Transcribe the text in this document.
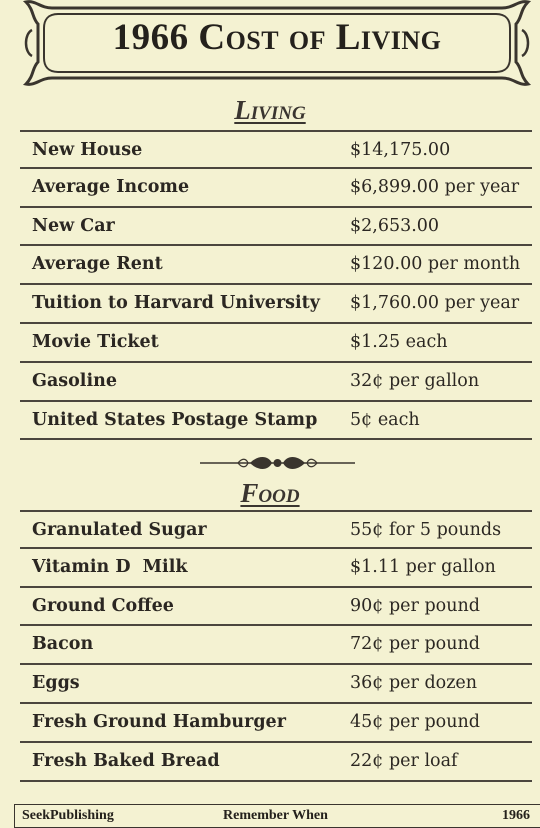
1966 Cost of Living
Living
New House	$14,175.00
Average Income	$6,899.00 per year
New Car	$2,653.00
Average Rent	$120.00 per month
Tuition to Harvard University $1,760.00 per year
Movie Ticket	$1.25 each
Gasoline	32¢ per gallon
United States Postage Stamp 5¢ each
Food
Granulated Sugar	55¢ for 5 pounds
Vitamin D  Milk	$1.11 per gallon
Ground Coffee	90¢ per pound
Bacon	72¢ per pound
Eggs	36¢ per dozen
Fresh Ground Hamburger	45¢ per pound
Fresh Baked Bread	22¢ per loaf
SeekPublishing	Remember When	1966
